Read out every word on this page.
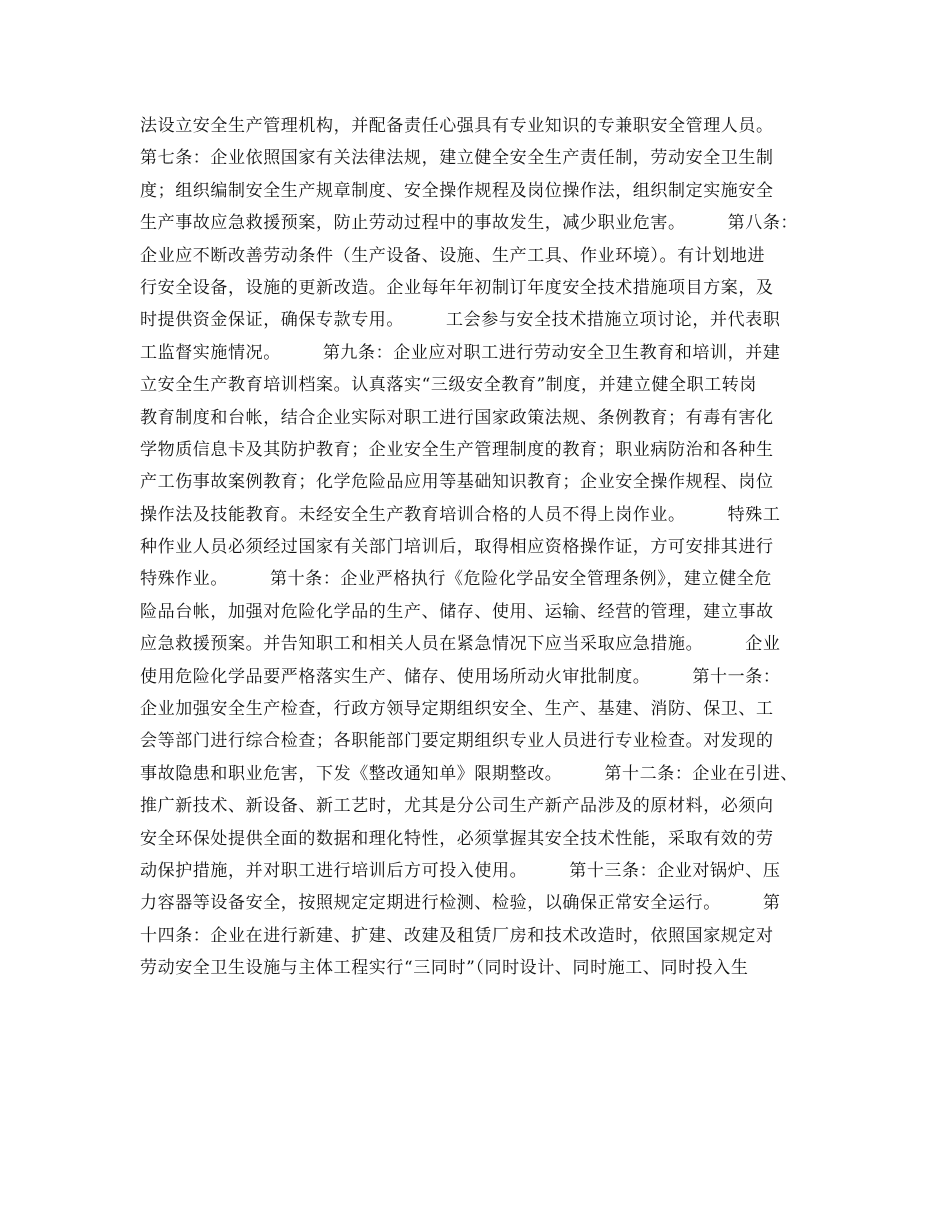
法设立安全生产管理机构，并配备责任心强具有专业知识的专兼职安全管理人员。
第七条：企业依照国家有关法律法规，建立健全安全生产责任制，劳动安全卫生制
度；组织编制安全生产规章制度、安全操作规程及岗位操作法，组织制定实施安全
生产事故应急救援预案，防止劳动过程中的事故发生，减少职业危害。       第八条：
企业应不断改善劳动条件（生产设备、设施、生产工具、作业环境）。有计划地进
行安全设备，设施的更新改造。企业每年年初制订年度安全技术措施项目方案，及
时提供资金保证，确保专款专用。       工会参与安全技术措施立项讨论，并代表职
工监督实施情况。       第九条：企业应对职工进行劳动安全卫生教育和培训，并建
立安全生产教育培训档案。认真落实“三级安全教育”制度，并建立健全职工转岗
教育制度和台帐，结合企业实际对职工进行国家政策法规、条例教育；有毒有害化
学物质信息卡及其防护教育；企业安全生产管理制度的教育；职业病防治和各种生
产工伤事故案例教育；化学危险品应用等基础知识教育；企业安全操作规程、岗位
操作法及技能教育。未经安全生产教育培训合格的人员不得上岗作业。       特殊工
种作业人员必须经过国家有关部门培训后，取得相应资格操作证，方可安排其进行
特殊作业。       第十条：企业严格执行《危险化学品安全管理条例》，建立健全危
险品台帐，加强对危险化学品的生产、储存、使用、运输、经营的管理，建立事故
应急救援预案。并告知职工和相关人员在紧急情况下应当采取应急措施。       企业
使用危险化学品要严格落实生产、储存、使用场所动火审批制度。       第十一条：
企业加强安全生产检查，行政方领导定期组织安全、生产、基建、消防、保卫、工
会等部门进行综合检查；各职能部门要定期组织专业人员进行专业检查。对发现的
事故隐患和职业危害，下发《整改通知单》限期整改。       第十二条：企业在引进、
推广新技术、新设备、新工艺时，尤其是分公司生产新产品涉及的原材料，必须向
安全环保处提供全面的数据和理化特性，必须掌握其安全技术性能，采取有效的劳
动保护措施，并对职工进行培训后方可投入使用。       第十三条：企业对锅炉、压
力容器等设备安全，按照规定定期进行检测、检验，以确保正常安全运行。       第
十四条：企业在进行新建、扩建、改建及租赁厂房和技术改造时，依照国家规定对
劳动安全卫生设施与主体工程实行“三同时”（同时设计、同时施工、同时投入生
